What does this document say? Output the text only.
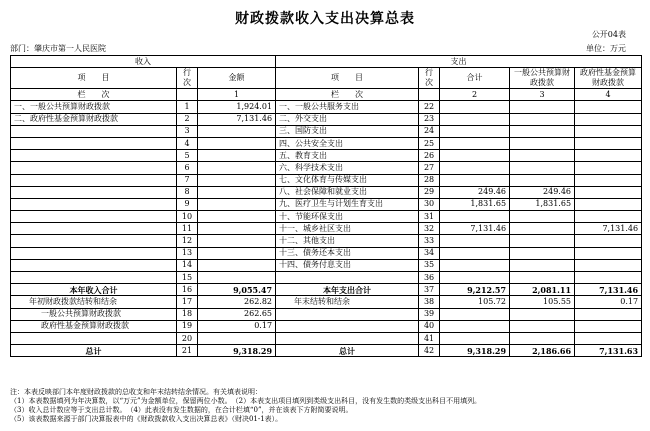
财政拨款收入支出决算总表
公开04表
部门：肇庆市第一人民医院	单位：万元
收入			支出				
项　　目	行次	金额	项　　目	行次	合计	一般公共预算财政拨款	政府性基金预算财政拨款
栏　　次		1	栏　　次		2	3	4
一、一般公共预算财政拨款	1	1,924.01	一、一般公共服务支出	22			
二、政府性基金预算财政拨款	2	7,131.46	二、外交支出	23			
	3		三、国防支出	24			
	4		四、公共安全支出	25			
	5		五、教育支出	26			
	6		六、科学技术支出	27			
	7		七、文化体育与传媒支出	28			
	8		八、社会保障和就业支出	29	249.46	249.46	
	9		九、医疗卫生与计划生育支出	30	1,831.65	1,831.65	
	10		十、节能环保支出	31			
	11		十一、城乡社区支出	32	7,131.46		7,131.46
	12		十二、其他支出	33			
	13		十三、债务还本支出	34			
	14		十四、债务付息支出	35			
	15			36			
本年收入合计	16	9,055.47	本年支出合计	37	9,212.57	2,081.11	7,131.46
年初财政拨款结转和结余	17	262.82	年末结转和结余	38	105.72	105.55	0.17
一般公共预算财政拨款	18	262.65		39			
政府性基金预算财政拨款	19	0.17		40			
	20			41			
总计	21	9,318.29	总计	42	9,318.29	2,186.66	7,131.63
注：本表反映部门本年度财政拨款的总收支和年末结转结余情况。有关填表说明：
（1）本表数据填列为年决算数，以“万元”为金额单位，保留两位小数。　（2）本表支出项目填列到类级支出科目，没有发生数的类级支出科目不用填列。
（3）收入总计数应等于支出总计数。　（4）此表没有发生数据的，在合计栏填“0”，并在该表下方附简要说明。
（5）该表数据来源于部门决算报表中的《财政拨款收入支出决算总表》（财决01-1表）。
